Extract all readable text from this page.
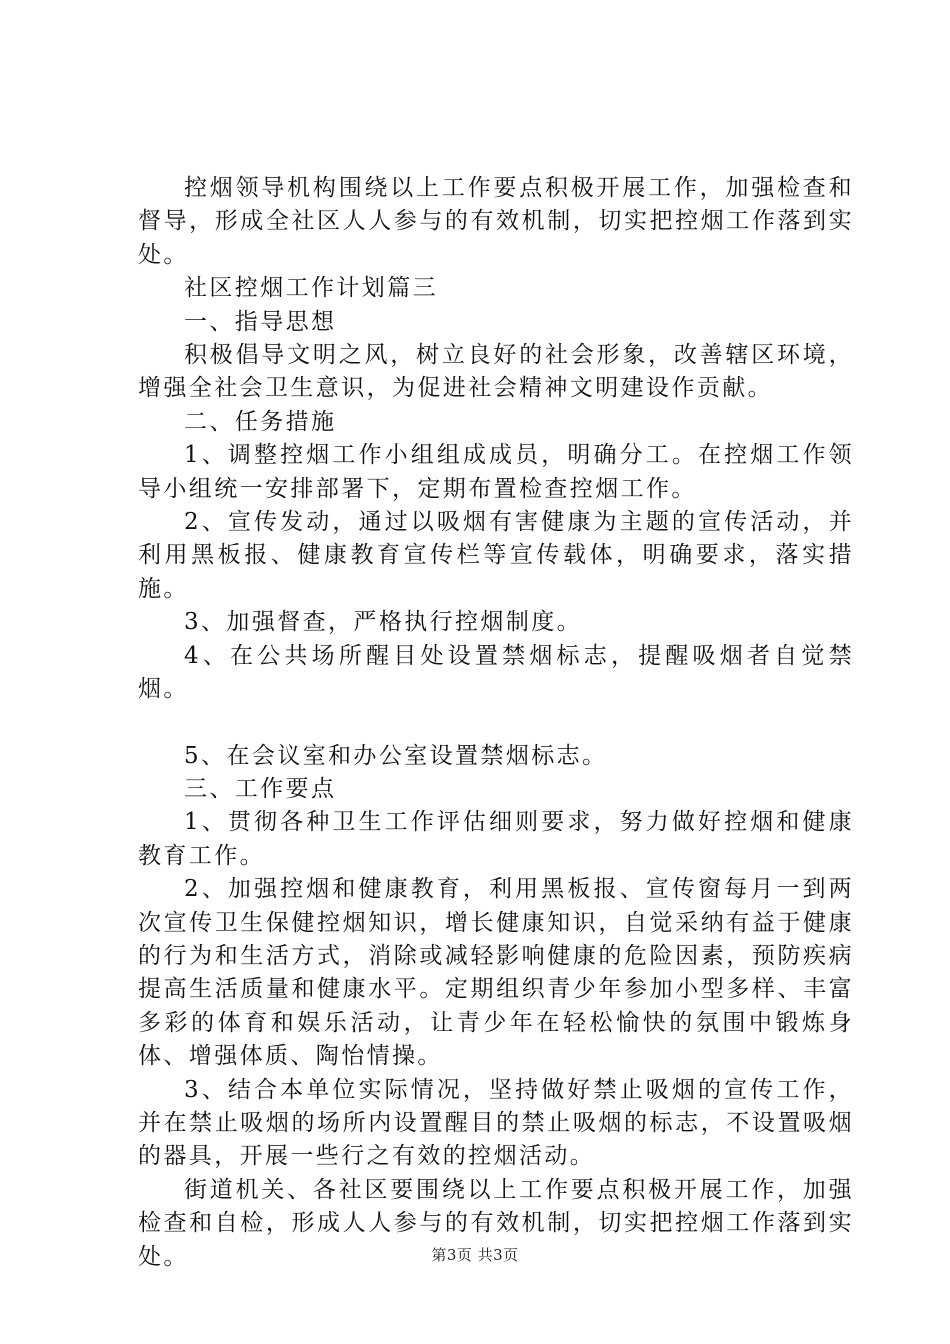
控烟领导机构围绕以上工作要点积极开展工作，加强检查和督导，形成全社区人人参与的有效机制，切实把控烟工作落到实处。

社区控烟工作计划篇三

一、指导思想

积极倡导文明之风，树立良好的社会形象，改善辖区环境，增强全社会卫生意识，为促进社会精神文明建设作贡献。

二、任务措施

1、调整控烟工作小组组成成员，明确分工。在控烟工作领导小组统一安排部署下，定期布置检查控烟工作。

2、宣传发动，通过以吸烟有害健康为主题的宣传活动，并利用黑板报、健康教育宣传栏等宣传载体，明确要求，落实措施。

3、加强督查，严格执行控烟制度。

4、在公共场所醒目处设置禁烟标志，提醒吸烟者自觉禁烟。

5、在会议室和办公室设置禁烟标志。

三、工作要点

1、贯彻各种卫生工作评估细则要求，努力做好控烟和健康教育工作。

2、加强控烟和健康教育，利用黑板报、宣传窗每月一到两次宣传卫生保健控烟知识，增长健康知识，自觉采纳有益于健康的行为和生活方式，消除或减轻影响健康的危险因素，预防疾病提高生活质量和健康水平。定期组织青少年参加小型多样、丰富多彩的体育和娱乐活动，让青少年在轻松愉快的氛围中锻炼身体、增强体质、陶怡情操。

3、结合本单位实际情况，坚持做好禁止吸烟的宣传工作，并在禁止吸烟的场所内设置醒目的禁止吸烟的标志，不设置吸烟的器具，开展一些行之有效的控烟活动。

街道机关、各社区要围绕以上工作要点积极开展工作，加强检查和自检，形成人人参与的有效机制，切实把控烟工作落到实处。	第3页 共3页
